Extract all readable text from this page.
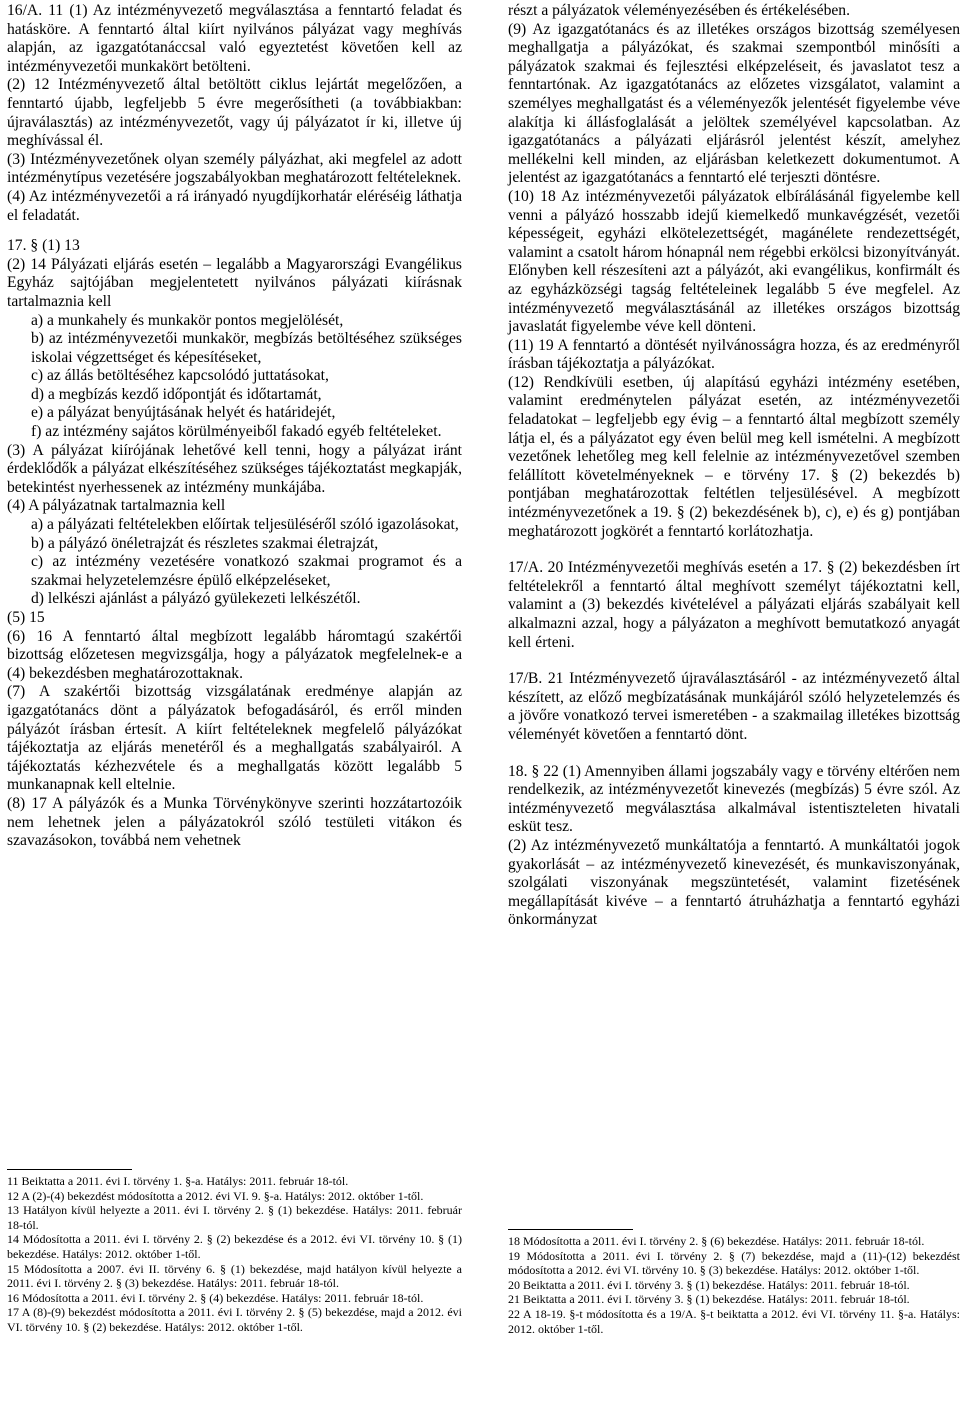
16/A. 11 (1) Az intézményvezető megválasztása a fenntartó feladat és hatásköre. A fenntartó által kiírt nyilvános pályázat vagy meghívás alapján, az igazgatótanáccsal való egyeztetést követően kell az intézményvezetői munkakört betölteni.

(2) 12 Intézményvezető által betöltött ciklus lejártát megelőzően, a fenntartó újabb, legfeljebb 5 évre megerősítheti (a továbbiakban: újraválasztás) az intézményvezetőt, vagy új pályázatot ír ki, illetve új meghívással él.

(3) Intézményvezetőnek olyan személy pályázhat, aki megfelel az adott intézménytípus vezetésére jogszabályokban meghatározott feltételeknek.

(4) Az intézményvezetői a rá irányadó nyugdíjkorhatár eléréséig láthatja el feladatát.

17. § (1) 13

(2) 14 Pályázati eljárás esetén – legalább a Magyarországi Evangélikus Egyház sajtójában megjelentetett nyilvános pályázati kiírásnak tartalmaznia kell

a) a munkahely és munkakör pontos megjelölését,

b) az intézményvezetői munkakör, megbízás betöltéséhez szükséges iskolai végzettséget és képesítéseket,

c) az állás betöltéséhez kapcsolódó juttatásokat,

d) a megbízás kezdő időpontját és időtartamát,

e) a pályázat benyújtásának helyét és határidejét,

f) az intézmény sajátos körülményeiből fakadó egyéb feltételeket.

(3) A pályázat kiírójának lehetővé kell tenni, hogy a pályázat iránt érdeklődők a pályázat elkészítéséhez szükséges tájékoztatást megkapják, betekintést nyerhessenek az intézmény munkájába.

(4) A pályázatnak tartalmaznia kell

a) a pályázati feltételekben előírtak teljesüléséről szóló igazolásokat,

b) a pályázó önéletrajzát és részletes szakmai életrajzát,

c) az intézmény vezetésére vonatkozó szakmai programot és a szakmai helyzetelemzésre épülő elképzeléseket,

d) lelkészi ajánlást a pályázó gyülekezeti lelkészétől.

(5) 15

(6) 16 A fenntartó által megbízott legalább háromtagú szakértői bizottság előzetesen megvizsgálja, hogy a pályázatok megfelelnek-e a (4) bekezdésben meghatározottaknak.

(7) A szakértői bizottság vizsgálatának eredménye alapján az igazgatótanács dönt a pályázatok befogadásáról, és erről minden pályázót írásban értesít. A kiírt feltételeknek megfelelő pályázókat tájékoztatja az eljárás menetéről és a meghallgatás szabályairól. A tájékoztatás kézhezvétele és a meghallgatás között legalább 5 munkanapnak kell eltelnie.

(8) 17 A pályázók és a Munka Törvénykönyve szerinti hozzátartozóik nem lehetnek jelen a pályázatokról szóló testületi vitákon és szavazásokon, továbbá nem vehetnek

11 Beiktatta a 2011. évi I. törvény 1. §-a. Hatálys: 2011. február 18-tól.

12 A (2)-(4) bekezdést módosította a 2012. évi VI. 9. §-a. Hatálys: 2012. október 1-től.

13 Hatályon kívül helyezte a 2011. évi I. törvény 2. § (1) bekezdése. Hatálys: 2011. február 18-tól.

14 Módosította a 2011. évi I. törvény 2. § (2) bekezdése és a 2012. évi VI. törvény 10. § (1) bekezdése. Hatálys: 2012. október 1-től.

15 Módosította a 2007. évi II. törvény 6. § (1) bekezdése, majd hatályon kívül helyezte a 2011. évi I. törvény 2. § (3) bekezdése. Hatálys: 2011. február 18-tól.

16 Módosította a 2011. évi I. törvény 2. § (4) bekezdése. Hatálys: 2011. február 18-tól.

17 A (8)-(9) bekezdést módosította a 2011. évi I. törvény 2. § (5) bekezdése, majd a 2012. évi VI. törvény 10. § (2) bekezdése. Hatálys: 2012. október 1-től.

részt a pályázatok véleményezésében és értékelésében.

(9) Az igazgatótanács és az illetékes országos bizottság személyesen meghallgatja a pályázókat, és szakmai szempontból minősíti a pályázatok szakmai és fejlesztési elképzeléseit, és javaslatot tesz a fenntartónak. Az igazgatótanács az előzetes vizsgálatot, valamint a személyes meghallgatást és a véleményezők jelentését figyelembe véve alakítja ki állásfoglalását a jelöltek személyével kapcsolatban. Az igazgatótanács a pályázati eljárásról jelentést készít, amelyhez mellékelni kell minden, az eljárásban keletkezett dokumentumot. A jelentést az igazgatótanács a fenntartó elé terjeszti döntésre.

(10) 18 Az intézményvezetői pályázatok elbírálásánál figyelembe kell venni a pályázó hosszabb idejű kiemelkedő munkavégzését, vezetői képességeit, egyházi elkötelezettségét, magánélete rendezettségét, valamint a csatolt három hónapnál nem régebbi erkölcsi bizonyítványát. Előnyben kell részesíteni azt a pályázót, aki evangélikus, konfirmált és az egyházközségi tagság feltételeinek legalább 5 éve megfelel. Az intézményvezető megválasztásánál az illetékes országos bizottság javaslatát figyelembe véve kell dönteni.

(11) 19 A fenntartó a döntését nyilvánosságra hozza, és az eredményről írásban tájékoztatja a pályázókat.

(12) Rendkívüli esetben, új alapítású egyházi intézmény esetében, valamint eredménytelen pályázat esetén, az intézményvezetői feladatokat – legfeljebb egy évig – a fenntartó által megbízott személy látja el, és a pályázatot egy éven belül meg kell ismételni. A megbízott vezetőnek lehetőleg meg kell felelnie az intézményvezetővel szemben felállított követelményeknek – e törvény 17. § (2) bekezdés b) pontjában meghatározottak feltétlen teljesülésével. A megbízott intézményvezetőnek a 19. § (2) bekezdésének b), c), e) és g) pontjában meghatározott jogkörét a fenntartó korlátozhatja.

17/A. 20 Intézményvezetői meghívás esetén a 17. § (2) bekezdésben írt feltételekről a fenntartó által meghívott személyt tájékoztatni kell, valamint a (3) bekezdés kivételével a pályázati eljárás szabályait kell alkalmazni azzal, hogy a pályázaton a meghívott bemutatkozó anyagát kell érteni.

17/B. 21 Intézményvezető újraválasztásáról - az intézményvezető által készített, az előző megbízatásának munkájáról szóló helyzetelemzés és a jövőre vonatkozó tervei ismeretében - a szakmailag illetékes bizottság véleményét követően a fenntartó dönt.

18. § 22 (1) Amennyiben állami jogszabály vagy e törvény eltérően nem rendelkezik, az intézményvezetőt kinevezés (megbízás) 5 évre szól. Az intézményvezető megválasztása alkalmával istentiszteleten hivatali esküt tesz.

(2) Az intézményvezető munkáltatója a fenntartó. A munkáltatói jogok gyakorlását – az intézményvezető kinevezését, és munkaviszonyának, szolgálati viszonyának megszüntetését, valamint fizetésének megállapítását kivéve – a fenntartó átruházhatja a fenntartó egyházi önkormányzat

18 Módosította a 2011. évi I. törvény 2. § (6) bekezdése. Hatálys: 2011. február 18-tól.

19 Módosította a 2011. évi I. törvény 2. § (7) bekezdése, majd a (11)-(12) bekezdést módosította a 2012. évi VI. törvény 10. § (3) bekezdése. Hatálys: 2012. október 1-től.

20 Beiktatta a 2011. évi I. törvény 3. § (1) bekezdése. Hatálys: 2011. február 18-tól.

21 Beiktatta a 2011. évi I. törvény 3. § (1) bekezdése. Hatálys: 2011. február 18-tól.

22 A 18-19. §-t módosította és a 19/A. §-t beiktatta a 2012. évi VI. törvény 11. §-a. Hatálys: 2012. október 1-től.
